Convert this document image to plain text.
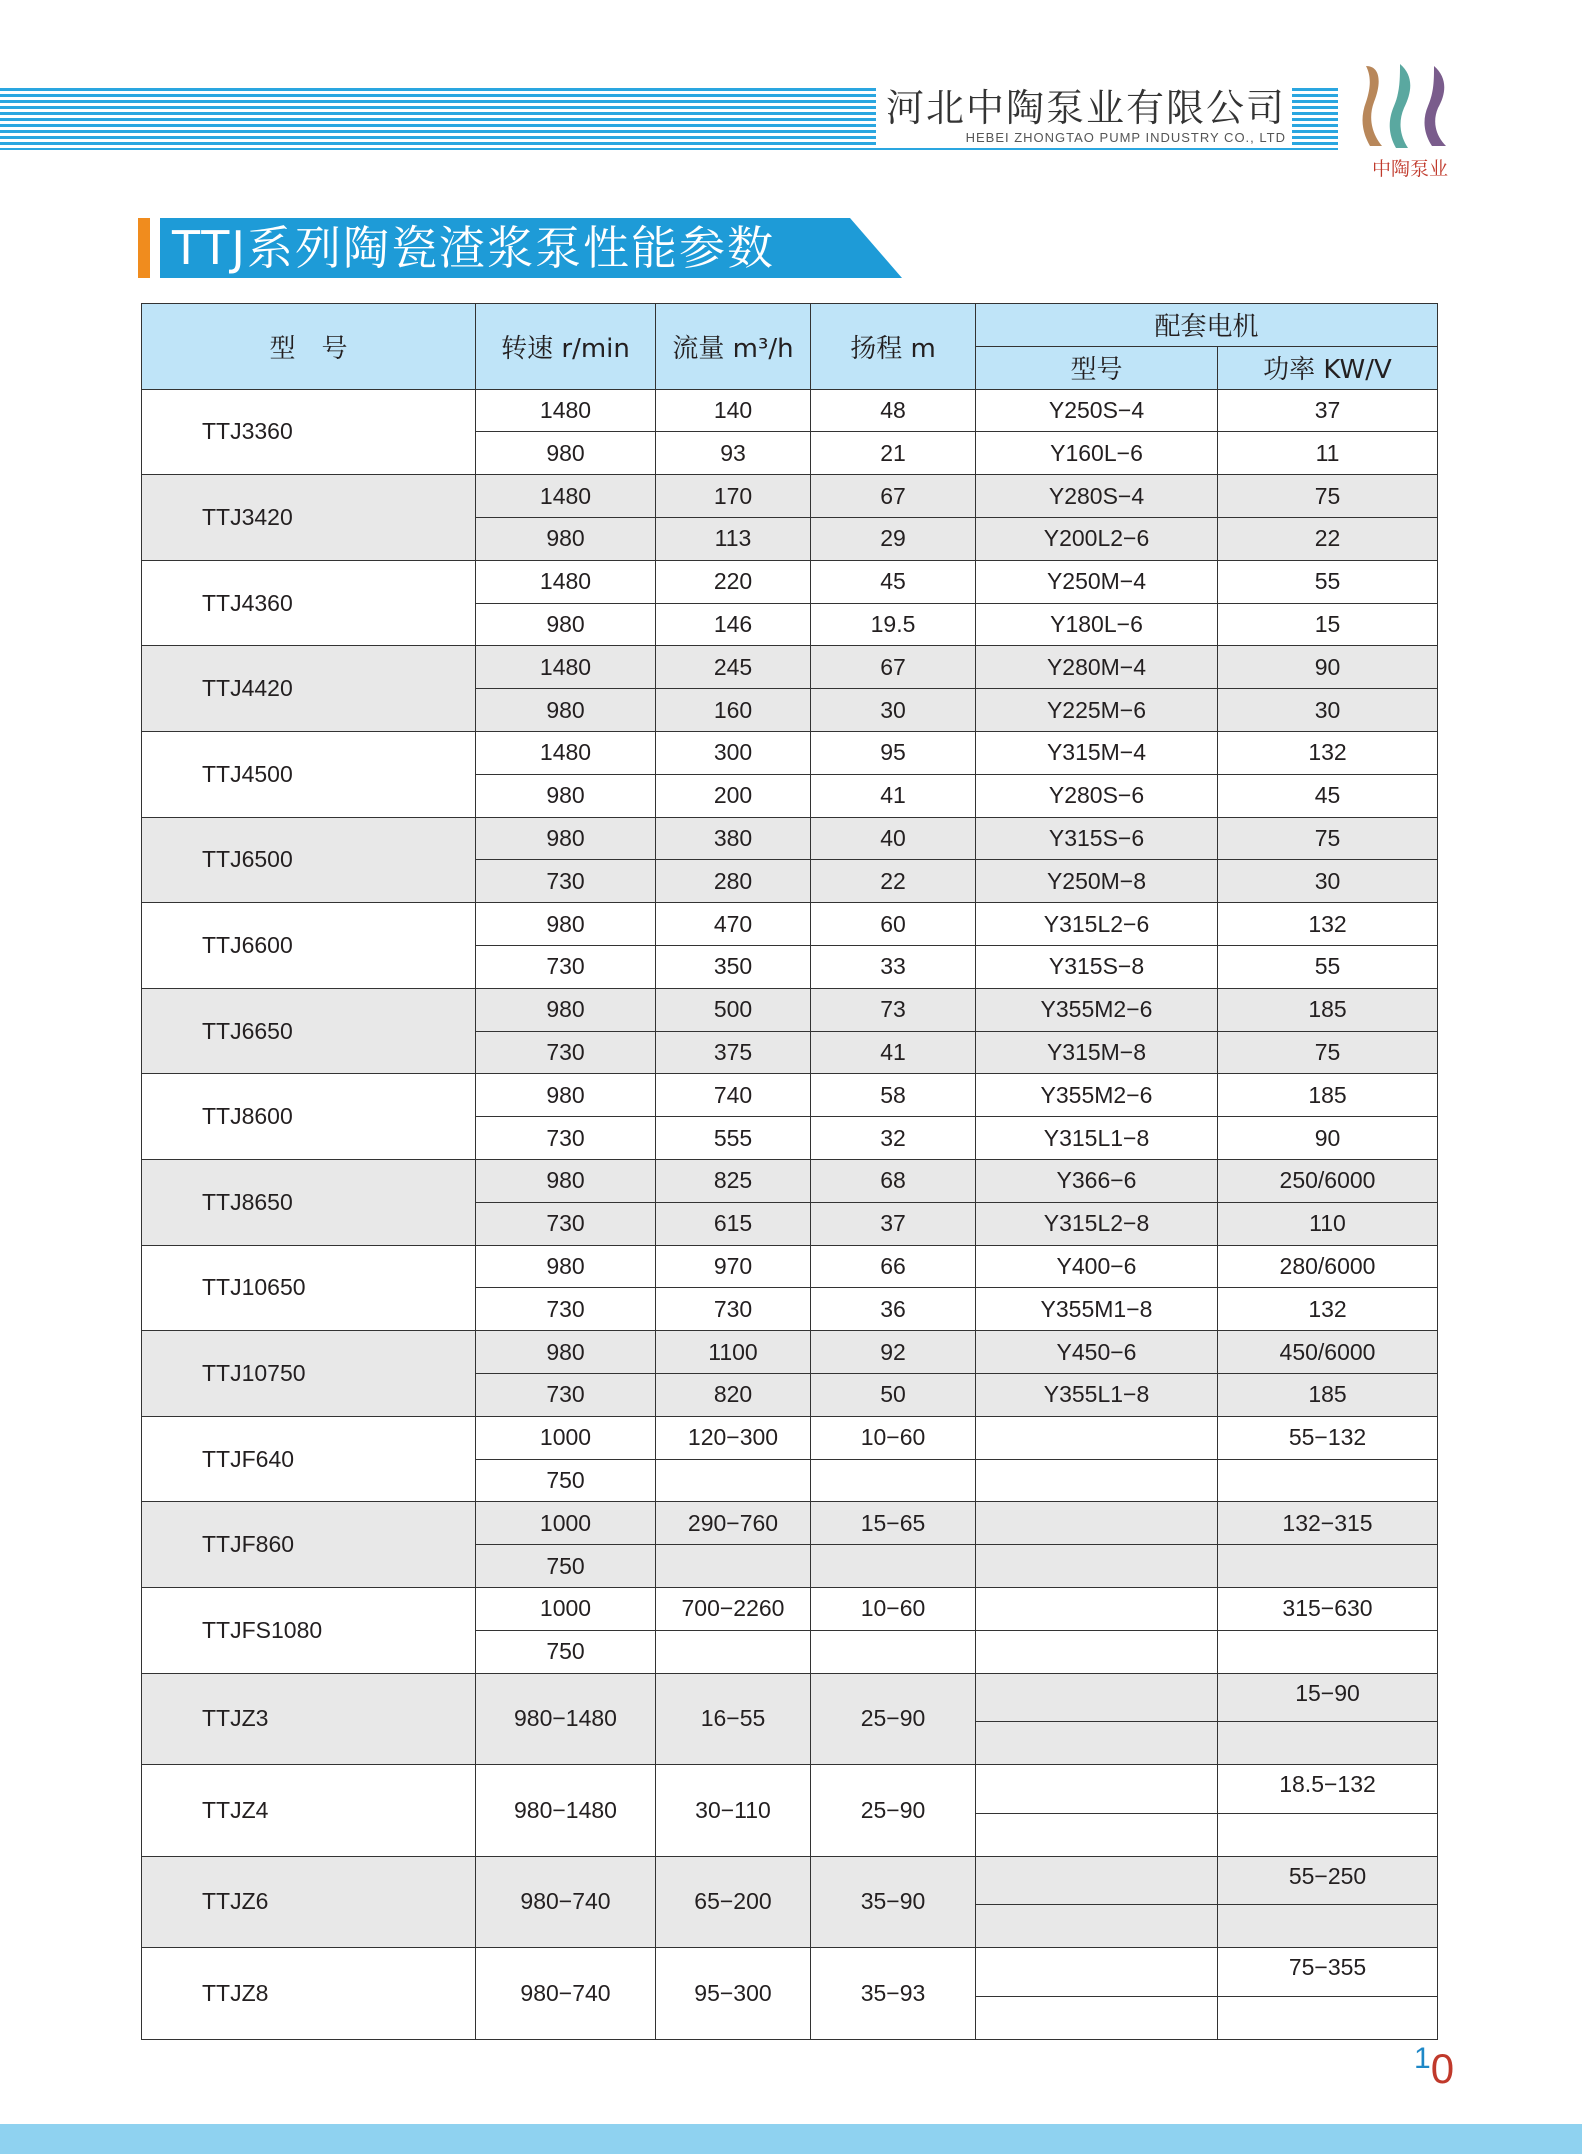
河北中陶泵业有限公司
HEBEI ZHONGTAO PUMP INDUSTRY CO., LTD
中陶泵业
TTJ系列陶瓷渣浆泵性能参数
型　号	转速 r/min	流量 m³/h	扬程 m	配套电机	
				型号	功率 KW/V
TTJ3360	1480	140	48	Y250S−4	37
	980	93	21	Y160L−6	11
TTJ3420	1480	170	67	Y280S−4	75
	980	113	29	Y200L2−6	22
TTJ4360	1480	220	45	Y250M−4	55
	980	146	19.5	Y180L−6	15
TTJ4420	1480	245	67	Y280M−4	90
	980	160	30	Y225M−6	30
TTJ4500	1480	300	95	Y315M−4	132
	980	200	41	Y280S−6	45
TTJ6500	980	380	40	Y315S−6	75
	730	280	22	Y250M−8	30
TTJ6600	980	470	60	Y315L2−6	132
	730	350	33	Y315S−8	55
TTJ6650	980	500	73	Y355M2−6	185
	730	375	41	Y315M−8	75
TTJ8600	980	740	58	Y355M2−6	185
	730	555	32	Y315L1−8	90
TTJ8650	980	825	68	Y366−6	250/6000
	730	615	37	Y315L2−8	110
TTJ10650	980	970	66	Y400−6	280/6000
	730	730	36	Y355M1−8	132
TTJ10750	980	1100	92	Y450−6	450/6000
	730	820	50	Y355L1−8	185
TTJF640	1000	120−300	10−60		55−132
	750				
TTJF860	1000	290−760	15−65		132−315
	750				
TTJFS1080	1000	700−2260	10−60		315−630
	750				
TTJZ3	980−1480	16−55	25−90		15−90

TTJZ4	980−1480	30−110	25−90		18.5−132

TTJZ6	980−740	65−200	35−90		55−250

TTJZ8	980−740	95−300	35−93		75−355

$^1$0
